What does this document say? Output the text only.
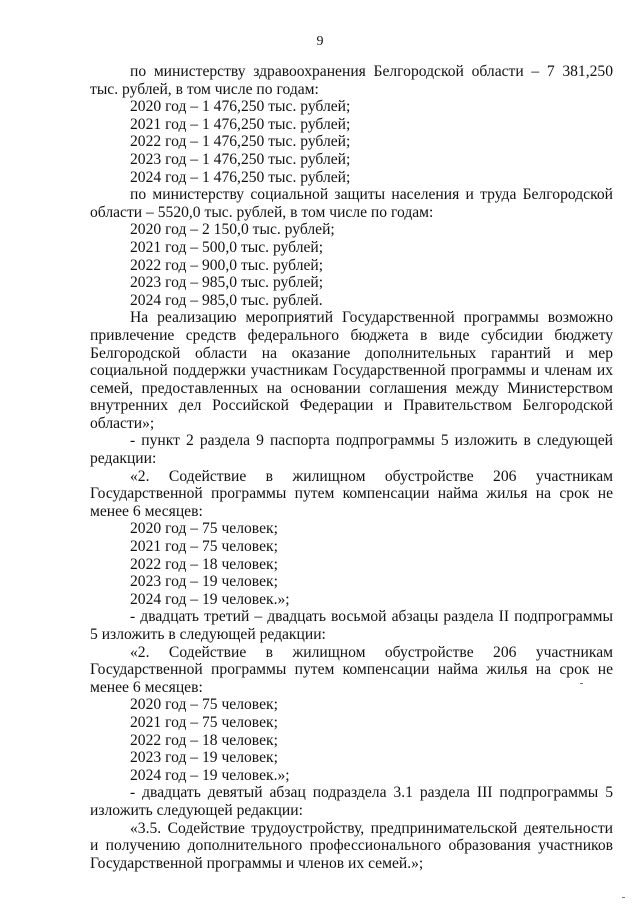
9

по министерству здравоохранения Белгородской области – 7 381,250 тыс. рублей, в том числе по годам:

2020 год – 1 476,250 тыс. рублей;

2021 год – 1 476,250 тыс. рублей;

2022 год – 1 476,250 тыс. рублей;

2023 год – 1 476,250 тыс. рублей;

2024 год – 1 476,250 тыс. рублей;

по министерству социальной защиты населения и труда Белгородской области – 5520,0 тыс. рублей, в том числе по годам:

2020 год – 2 150,0 тыс. рублей;

2021 год – 500,0 тыс. рублей;

2022 год – 900,0 тыс. рублей;

2023 год – 985,0 тыс. рублей;

2024 год – 985,0 тыс. рублей.

На реализацию мероприятий Государственной программы возможно привлечение средств федерального бюджета в виде субсидии бюджету Белгородской области на оказание дополнительных гарантий и мер социальной поддержки участникам Государственной программы и членам их семей, предоставленных на основании соглашения между Министерством внутренних дел Российской Федерации и Правительством Белгородской области»;

- пункт 2 раздела 9 паспорта подпрограммы 5 изложить в следующей редакции:

«2. Содействие в жилищном обустройстве 206 участникам Государственной программы путем компенсации найма жилья на срок не менее 6 месяцев:

2020 год – 75 человек;

2021 год – 75 человек;

2022 год – 18 человек;

2023 год – 19 человек;

2024 год – 19 человек.»;

- двадцать третий – двадцать восьмой абзацы раздела II подпрограммы 5 изложить в следующей редакции:

«2. Содействие в жилищном обустройстве 206 участникам Государственной программы путем компенсации найма жилья на срок не менее 6 месяцев:

2020 год – 75 человек;

2021 год – 75 человек;

2022 год – 18 человек;

2023 год – 19 человек;

2024 год – 19 человек.»;

- двадцать девятый абзац подраздела 3.1 раздела III подпрограммы 5 изложить следующей редакции:

«3.5. Содействие трудоустройству, предпринимательской деятельности и получению дополнительного профессионального образования участников Государственной программы и членов их семей.»;
